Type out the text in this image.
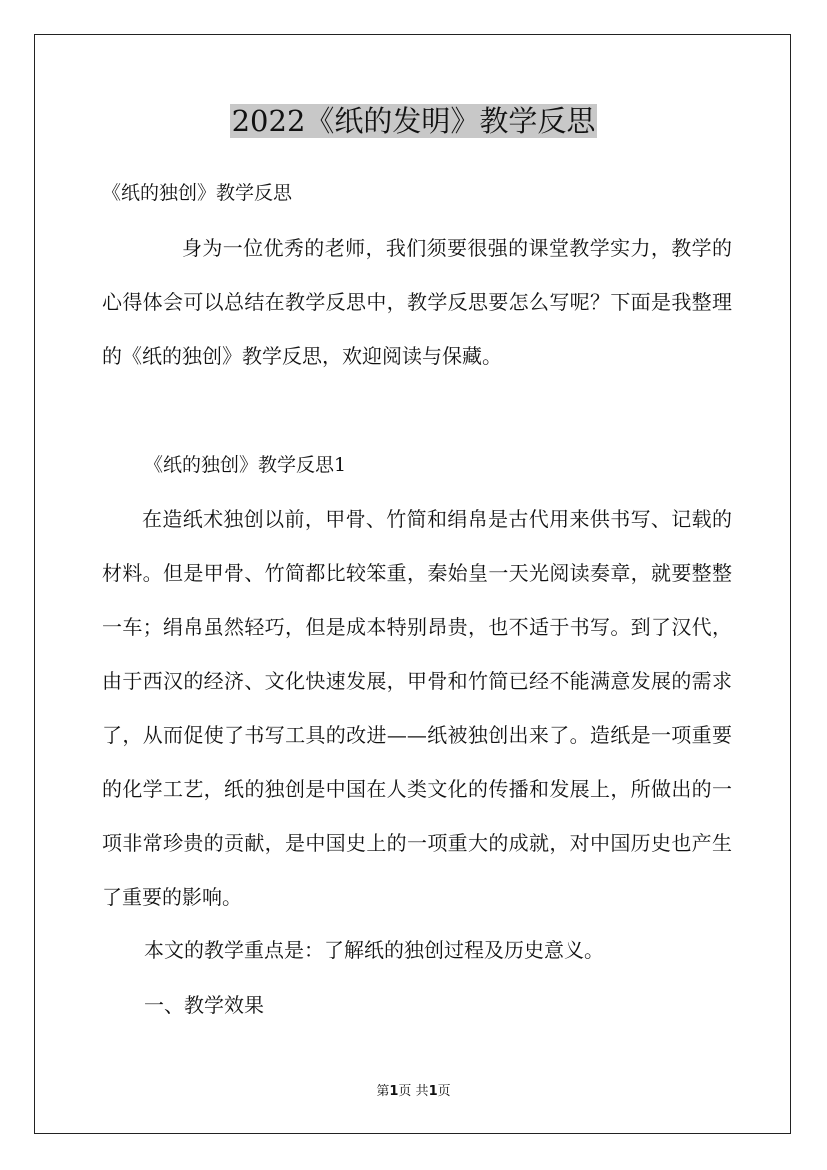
2022《纸的发明》教学反思
《纸的独创》教学反思

身为一位优秀的老师，我们须要很强的课堂教学实力，教学的心得体会可以总结在教学反思中，教学反思要怎么写呢？下面是我整理的《纸的独创》教学反思，欢迎阅读与保藏。

《纸的独创》教学反思1

在造纸术独创以前，甲骨、竹简和绢帛是古代用来供书写、记载的材料。但是甲骨、竹简都比较笨重，秦始皇一天光阅读奏章，就要整整一车；绢帛虽然轻巧，但是成本特别昂贵，也不适于书写。到了汉代，由于西汉的经济、文化快速发展，甲骨和竹简已经不能满意发展的需求了，从而促使了书写工具的改进——纸被独创出来了。造纸是一项重要的化学工艺，纸的独创是中国在人类文化的传播和发展上，所做出的一项非常珍贵的贡献，是中国史上的一项重大的成就，对中国历史也产生了重要的影响。

本文的教学重点是：了解纸的独创过程及历史意义。
一、教学效果
第1页 共1页
